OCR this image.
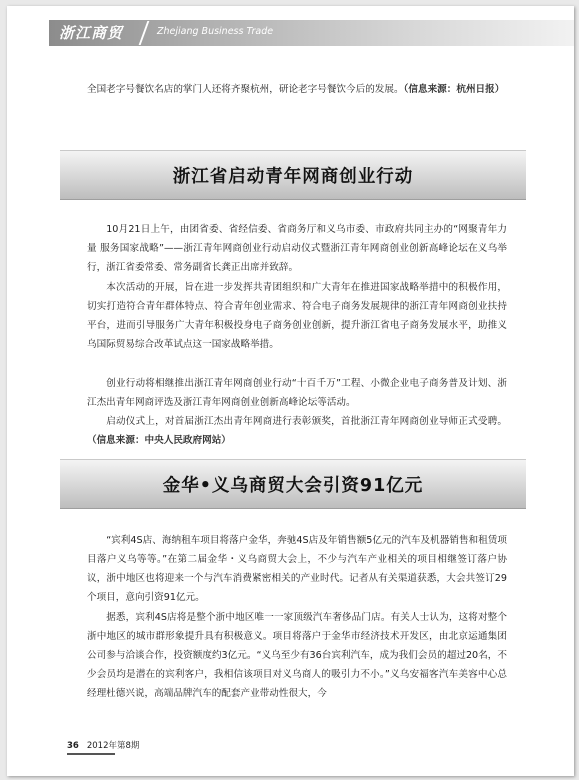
浙江商贸	Zhejiang Business Trade

全国老字号餐饮名店的掌门人还将齐聚杭州，研论老字号餐饮今后的发展。（信息来源：杭州日报）

浙江省启动青年网商创业行动

10月21日上午，由团省委、省经信委、省商务厅和义乌市委、市政府共同主办的“网聚青年力量 服务国家战略”——浙江青年网商创业行动启动仪式暨浙江青年网商创业创新高峰论坛在义乌举行，浙江省委常委、常务副省长龚正出席并致辞。

本次活动的开展，旨在进一步发挥共青团组织和广大青年在推进国家战略举措中的积极作用，切实打造符合青年群体特点、符合青年创业需求、符合电子商务发展规律的浙江青年网商创业扶持平台，进而引导服务广大青年积极投身电子商务创业创新，提升浙江省电子商务发展水平，助推义乌国际贸易综合改革试点这一国家战略举措。

创业行动将相继推出浙江青年网商创业行动“十百千万”工程、小微企业电子商务普及计划、浙江杰出青年网商评选及浙江青年网商创业创新高峰论坛等活动。

启动仪式上，对首届浙江杰出青年网商进行表彰颁奖，首批浙江青年网商创业导师正式受聘。（信息来源：中央人民政府网站）

金华•义乌商贸大会引资91亿元

“宾利4S店、海纳租车项目将落户金华，奔驰4S店及年销售额5亿元的汽车及机器销售和租赁项目落户义乌等等。”在第二届金华・义乌商贸大会上，不少与汽车产业相关的项目相继签订落户协议，浙中地区也将迎来一个与汽车消费紧密相关的产业时代。记者从有关渠道获悉，大会共签订29个项目，意向引资91亿元。

据悉，宾利4S店将是整个浙中地区唯一一家顶级汽车奢侈品门店。有关人士认为，这将对整个浙中地区的城市群形象提升具有积极意义。项目将落户于金华市经济技术开发区，由北京运通集团公司参与洽谈合作，投资额度约3亿元。“义乌至少有36台宾利汽车，成为我们会员的超过20名，不少会员均是潜在的宾利客户，我相信该项目对义乌商人的吸引力不小。”义乌安福客汽车美容中心总经理杜德兴说，高端品牌汽车的配套产业带动性很大，今

36 2012年第8期
